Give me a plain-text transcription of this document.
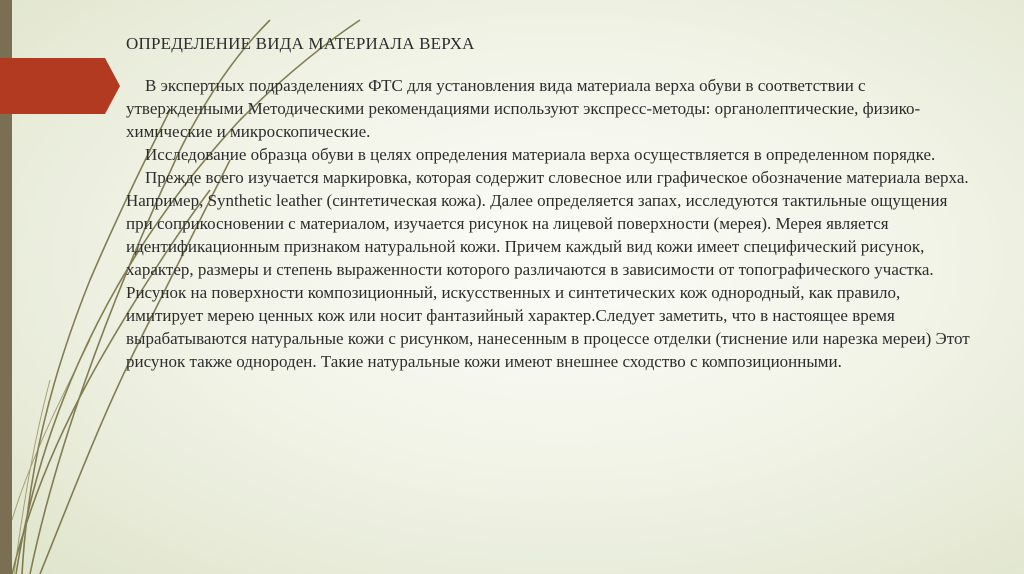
ОПРЕДЕЛЕНИЕ ВИДА МАТЕРИАЛА ВЕРХА

В экспертных подразделениях ФТС для установления вида материала верха обуви в соответствии с утвержденными Методическими рекомендациями используют экспресс-методы: органолептические, физико-химические и микроскопические.

Исследование образца обуви в целях определения материала верха осуществляется в определенном порядке.

Прежде всего изучается маркировка, которая содержит словесное или графическое обозначение материала верха. Например, Synthetic leather (синтетическая кожа). Далее определяется запах, исследуются тактильные ощущения при соприкосновении с материалом, изучается рисунок на лицевой поверхности (мерея). Мерея является идентификационным признаком натуральной кожи. Причем каждый вид кожи имеет специфический рисунок, характер, размеры и степень выраженности которого различаются в зависимости от топографического участка. Рисунок на поверхности композиционный, искусственных и синтетических кож однородный, как правило, имитирует мерею ценных кож или носит фантазийный характер.Следует заметить, что в настоящее время вырабатываются натуральные кожи с рисунком, нанесенным в процессе отделки (тиснение или нарезка мереи) Этот рисунок также однороден. Такие натуральные кожи имеют внешнее сходство с композиционными.
